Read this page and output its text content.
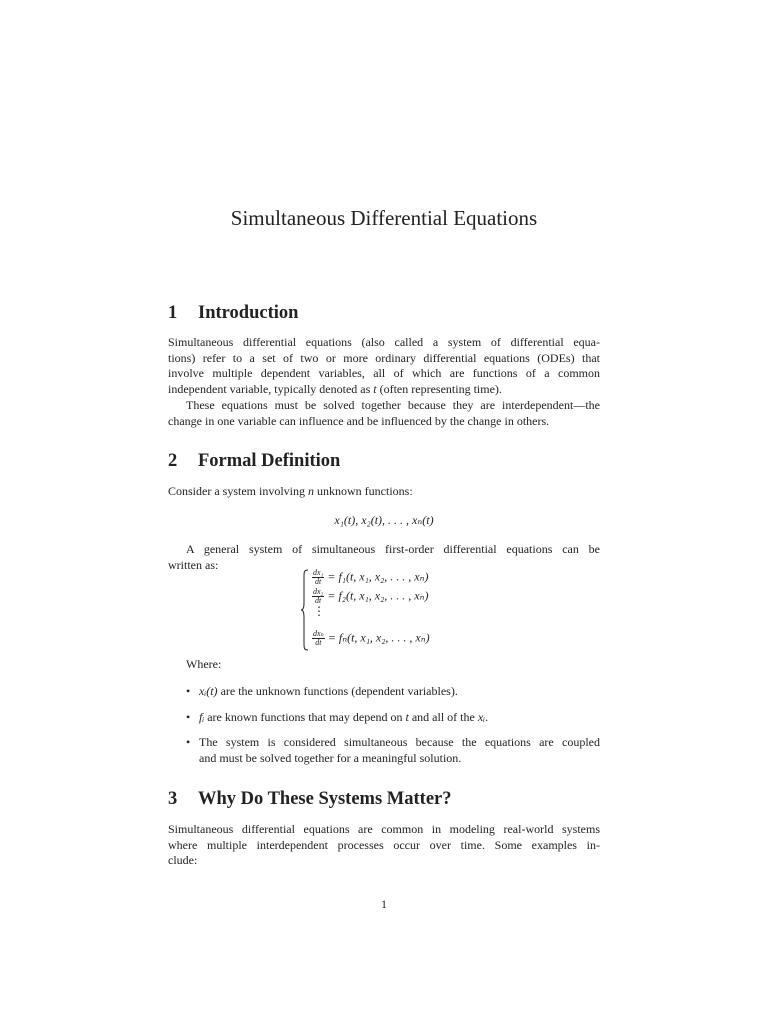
Simultaneous Differential Equations
1 Introduction
Simultaneous differential equations (also called a system of differential equa-
tions) refer to a set of two or more ordinary differential equations (ODEs) that
involve multiple dependent variables, all of which are functions of a common
independent variable, typically denoted as t (often representing time).
These equations must be solved together because they are interdependent—the
change in one variable can influence and be influenced by the change in others.
2 Formal Definition
Consider a system involving n unknown functions:
x₁(t), x₂(t), . . . , xₙ(t)
A general system of simultaneous first-order differential equations can be
written as:
$\frac{\text{dx₁}}{dt} = f_1(t$, x₁, x₂, . . . , xₙ)
$\frac{\text{dx₂}}{dt} = f_2(t$, x₁, x₂, . . . , xₙ)
⋮
$\frac{\text{dxₙ}}{dt} = f_n(t$, x₁, x₂, . . . , xₙ)
Where:
• xᵢ(t) are the unknown functions (dependent variables).
• fᵢ are known functions that may depend on t and all of the xᵢ.
• The system is considered simultaneous because the equations are coupled
and must be solved together for a meaningful solution.
3 Why Do These Systems Matter?
Simultaneous differential equations are common in modeling real-world systems
where multiple interdependent processes occur over time. Some examples in-
clude:
1
